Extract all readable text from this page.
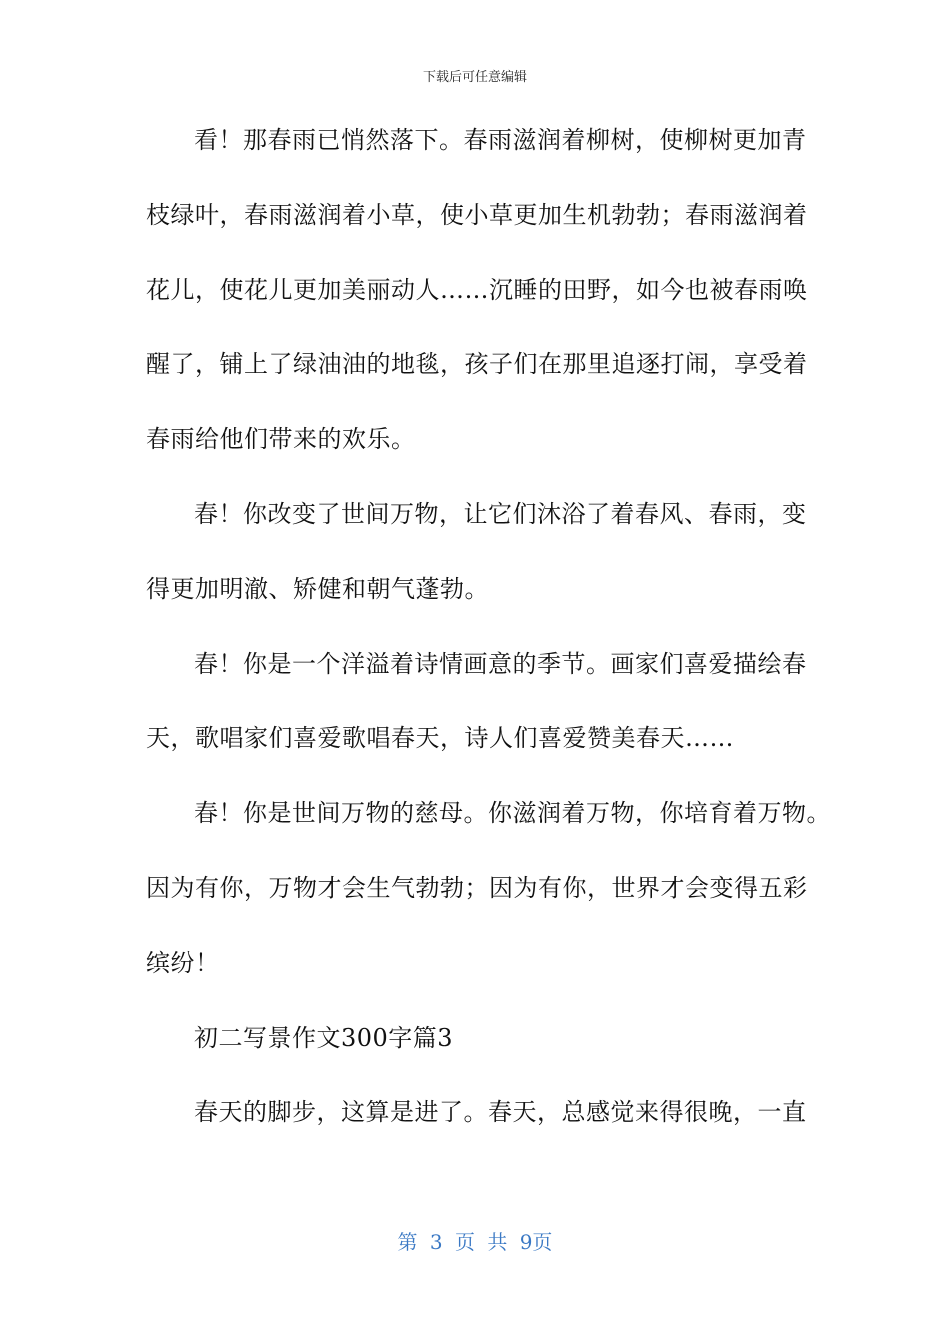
下载后可任意编辑
看！那春雨已悄然落下。春雨滋润着柳树，使柳树更加青
枝绿叶，春雨滋润着小草，使小草更加生机勃勃；春雨滋润着
花儿，使花儿更加美丽动人……沉睡的田野，如今也被春雨唤
醒了，铺上了绿油油的地毯，孩子们在那里追逐打闹，享受着
春雨给他们带来的欢乐。
春！你改变了世间万物，让它们沐浴了着春风、春雨，变
得更加明澈、矫健和朝气蓬勃。
春！你是一个洋溢着诗情画意的季节。画家们喜爱描绘春
天，歌唱家们喜爱歌唱春天，诗人们喜爱赞美春天……
春！你是世间万物的慈母。你滋润着万物，你培育着万物。
因为有你，万物才会生气勃勃；因为有你，世界才会变得五彩
缤纷！
初二写景作文300字篇3
春天的脚步，这算是进了。春天，总感觉来得很晚，一直
第 3 页 共 9页
